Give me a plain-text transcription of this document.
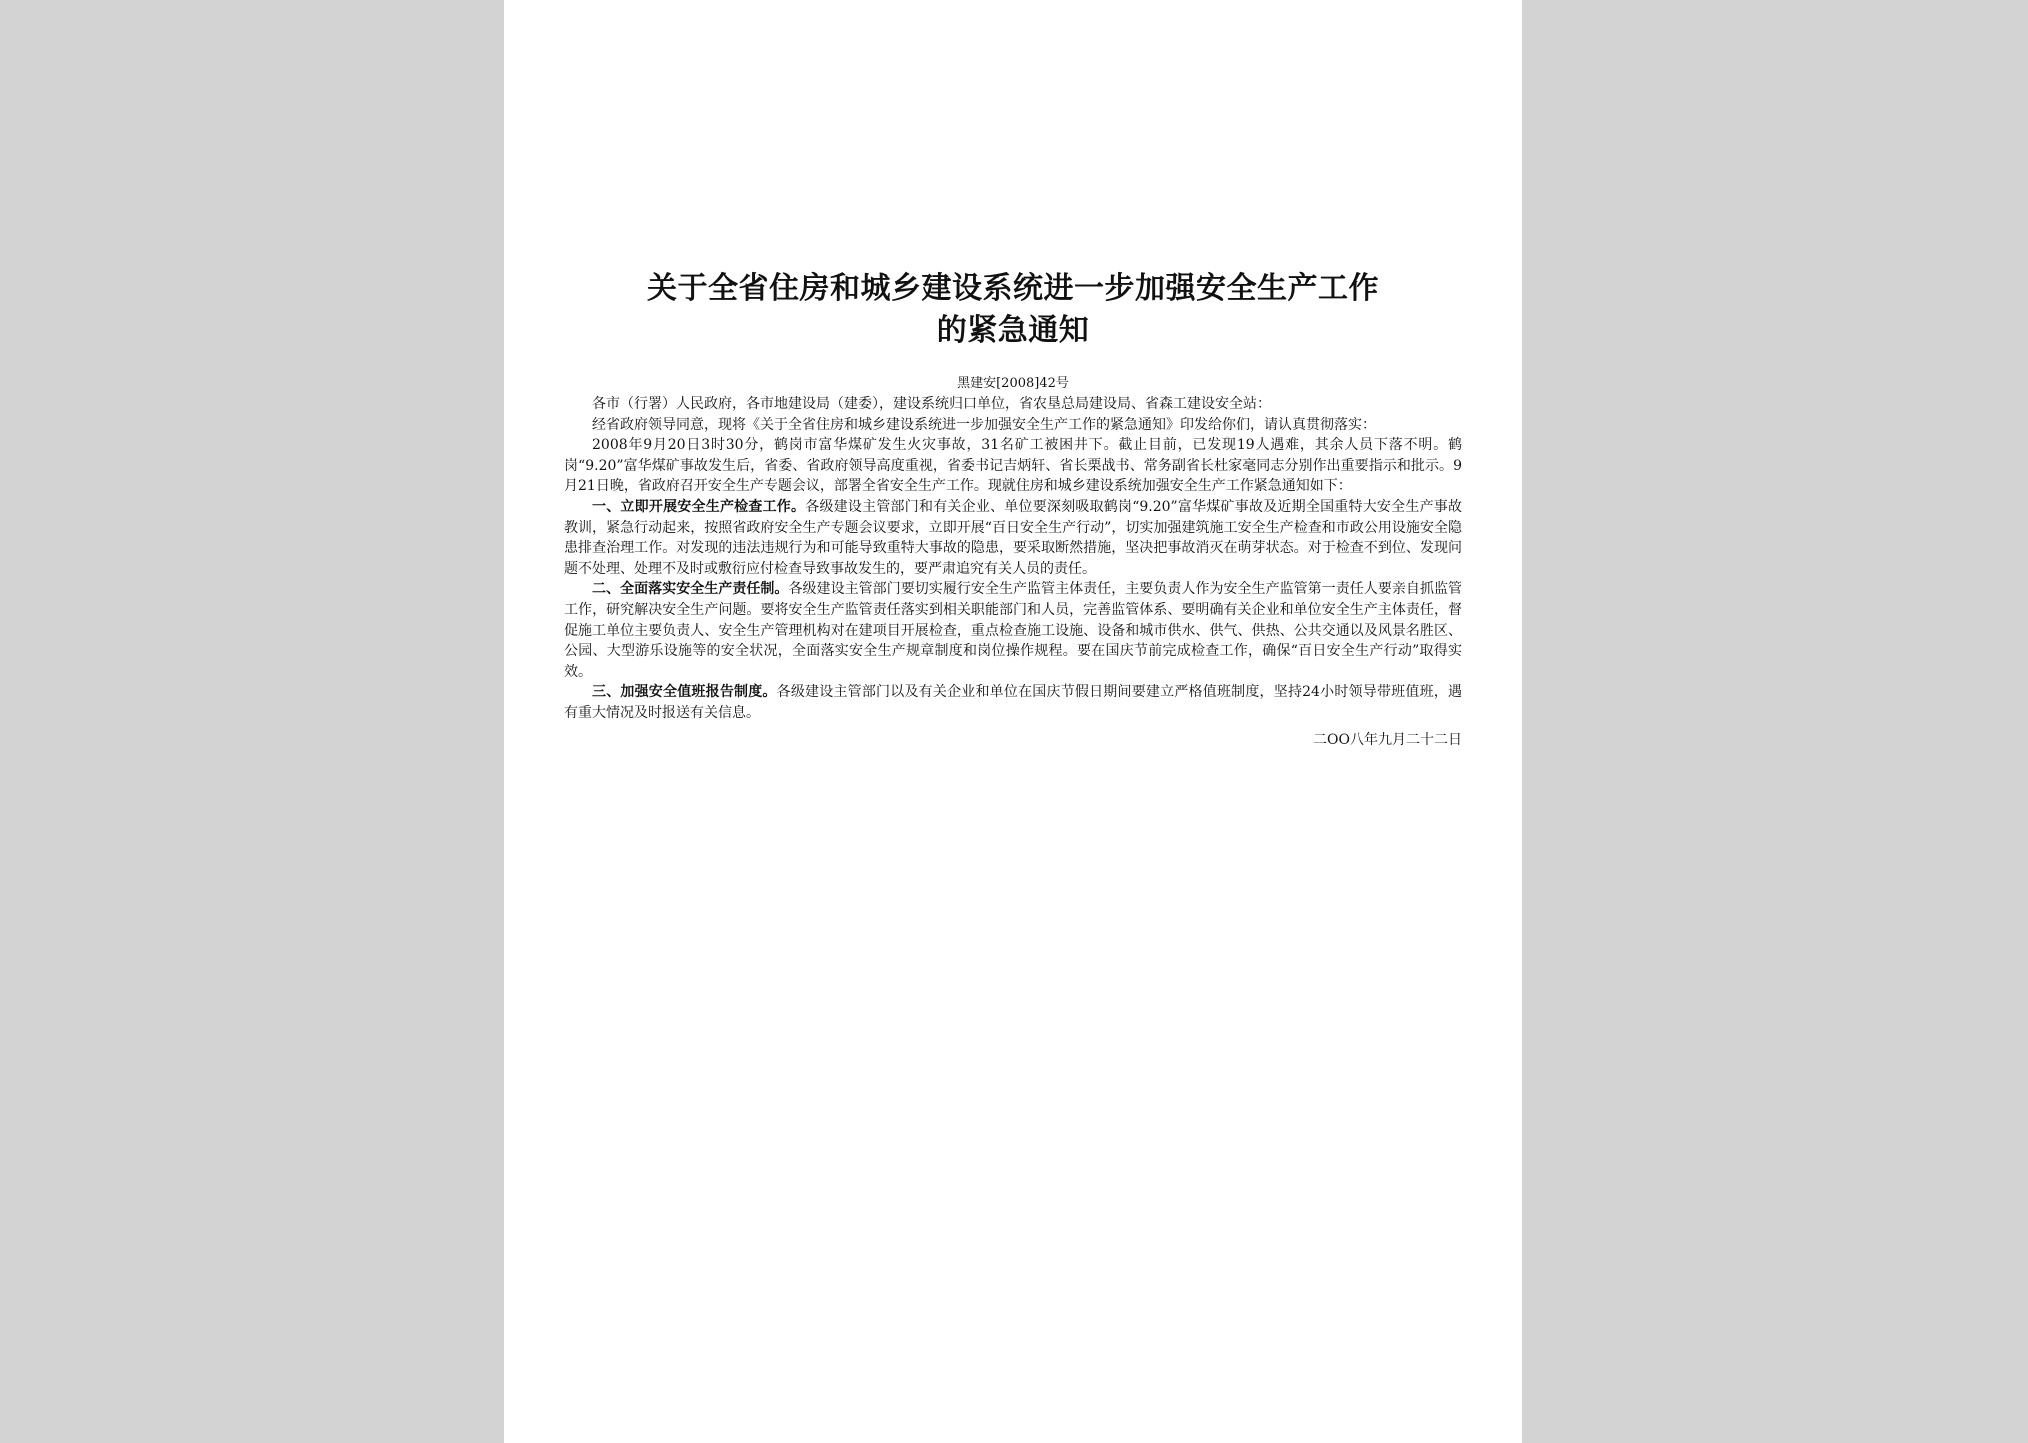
关于全省住房和城乡建设系统进一步加强安全生产工作
的紧急通知
黑建安[2008]42号

各市（行署）人民政府，各市地建设局（建委），建设系统归口单位，省农垦总局建设局、省森工建设安全站：

经省政府领导同意，现将《关于全省住房和城乡建设系统进一步加强安全生产工作的紧急通知》印发给你们，请认真贯彻落实：

2008年9月20日3时30分，鹤岗市富华煤矿发生火灾事故，31名矿工被困井下。截止目前，已发现19人遇难，其余人员下落不明。鹤岗“9.20”富华煤矿事故发生后，省委、省政府领导高度重视，省委书记吉炳轩、省长栗战书、常务副省长杜家毫同志分别作出重要指示和批示。9月21日晚，省政府召开安全生产专题会议，部署全省安全生产工作。现就住房和城乡建设系统加强安全生产工作紧急通知如下：

一、立即开展安全生产检查工作。各级建设主管部门和有关企业、单位要深刻吸取鹤岗“9.20”富华煤矿事故及近期全国重特大安全生产事故教训，紧急行动起来，按照省政府安全生产专题会议要求，立即开展“百日安全生产行动”，切实加强建筑施工安全生产检查和市政公用设施安全隐患排查治理工作。对发现的违法违规行为和可能导致重特大事故的隐患，要采取断然措施，坚决把事故消灭在萌芽状态。对于检查不到位、发现问题不处理、处理不及时或敷衍应付检查导致事故发生的，要严肃追究有关人员的责任。

二、全面落实安全生产责任制。各级建设主管部门要切实履行安全生产监管主体责任，主要负责人作为安全生产监管第一责任人要亲自抓监管工作，研究解决安全生产问题。要将安全生产监管责任落实到相关职能部门和人员，完善监管体系、要明确有关企业和单位安全生产主体责任，督促施工单位主要负责人、安全生产管理机构对在建项目开展检查，重点检查施工设施、设备和城市供水、供气、供热、公共交通以及风景名胜区、公园、大型游乐设施等的安全状况，全面落实安全生产规章制度和岗位操作规程。要在国庆节前完成检查工作，确保“百日安全生产行动”取得实效。

三、加强安全值班报告制度。各级建设主管部门以及有关企业和单位在国庆节假日期间要建立严格值班制度，坚持24小时领导带班值班，遇有重大情况及时报送有关信息。

二OO八年九月二十二日
